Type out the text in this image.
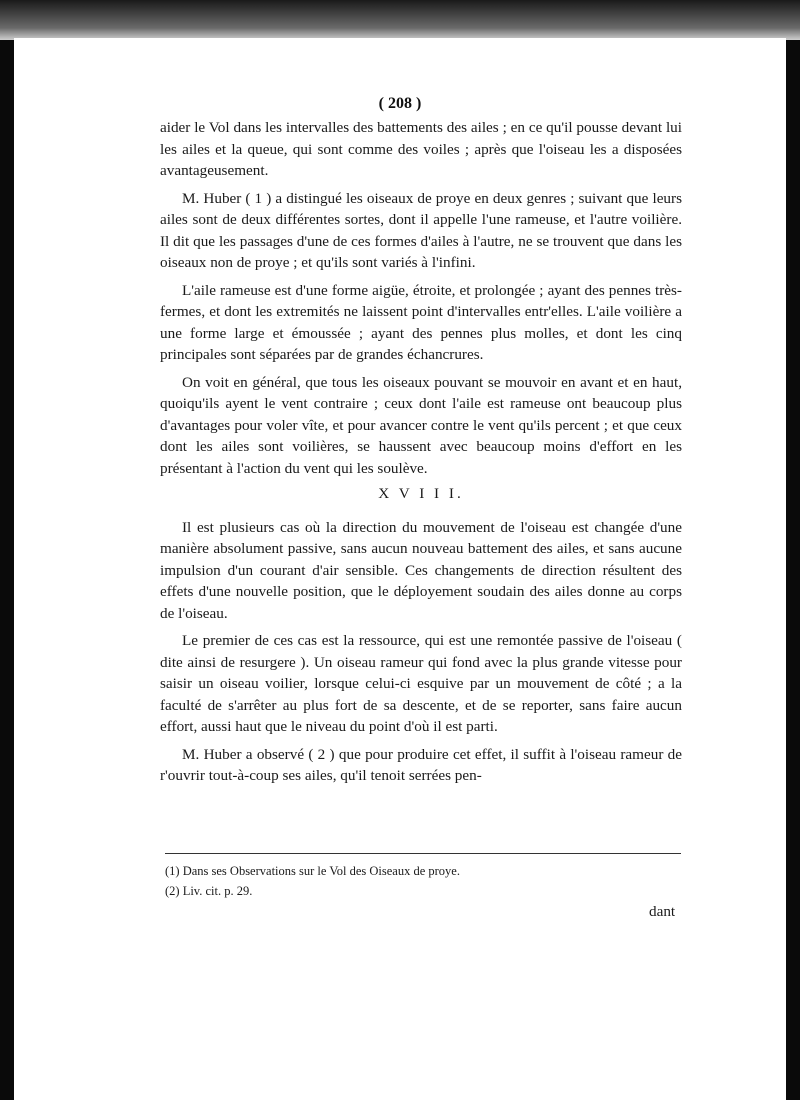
( 208 )

aider le Vol dans les intervalles des battements des ailes ; en ce qu'il pousse devant lui les ailes et la queue, qui sont comme des voiles ; après que l'oiseau les a disposées avantageusement.

M. Huber ( 1 ) a distingué les oiseaux de proye en deux genres ; suivant que leurs ailes sont de deux différentes sortes, dont il appelle l'une rameuse, et l'autre voilière. Il dit que les passages d'une de ces formes d'ailes à l'autre, ne se trouvent que dans les oiseaux non de proye ; et qu'ils sont variés à l'infini.

L'aile rameuse est d'une forme aigüe, étroite, et prolongée ; ayant des pennes très-fermes, et dont les extremités ne laissent point d'intervalles entr'elles. L'aile voilière a une forme large et émoussée ; ayant des pennes plus molles, et dont les cinq principales sont séparées par de grandes échancrures.

On voit en général, que tous les oiseaux pouvant se mouvoir en avant et en haut, quoiqu'ils ayent le vent contraire ; ceux dont l'aile est rameuse ont beaucoup plus d'avantages pour voler vîte, et pour avancer contre le vent qu'ils percent ; et que ceux dont les ailes sont voilières, se haussent avec beaucoup moins d'effort en les présentant à l'action du vent qui les soulève.

X V I I I.

Il est plusieurs cas où la direction du mouvement de l'oiseau est changée d'une manière absolument passive, sans aucun nouveau battement des ailes, et sans aucune impulsion d'un courant d'air sensible. Ces changements de direction résultent des effets d'une nouvelle position, que le déployement soudain des ailes donne au corps de l'oiseau.

Le premier de ces cas est la ressource, qui est une remontée passive de l'oiseau ( dite ainsi de resurgere ). Un oiseau rameur qui fond avec la plus grande vitesse pour saisir un oiseau voilier, lorsque celui-ci esquive par un mouvement de côté ; a la faculté de s'arrêter au plus fort de sa descente, et de se reporter, sans faire aucun effort, aussi haut que le niveau du point d'où il est parti.

M. Huber a observé ( 2 ) que pour produire cet effet, il suffit à l'oiseau rameur de r'ouvrir tout-à-coup ses ailes, qu'il tenoit serrées pen-

(1) Dans ses Observations sur le Vol des Oiseaux de proye.
(2) Liv. cit. p. 29.
dant
